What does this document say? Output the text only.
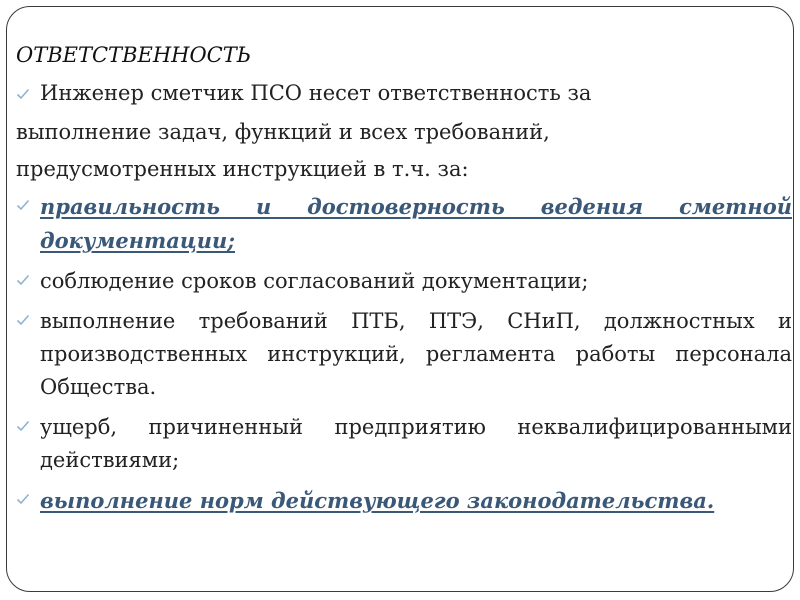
ОТВЕТСТВЕННОСТЬ
Инженер сметчик ПСО несет ответственность за
выполнение задач, функций и всех требований,
предусмотренных инструкцией в т.ч. за:
правильность и достоверность ведения сметной документации;
соблюдение сроков согласований документации;
выполнение требований ПТБ, ПТЭ, СНиП, должностных и производственных инструкций, регламента работы персонала Общества.
ущерб, причиненный предприятию неквалифицированными действиями;
выполнение норм действующего законодательства.
